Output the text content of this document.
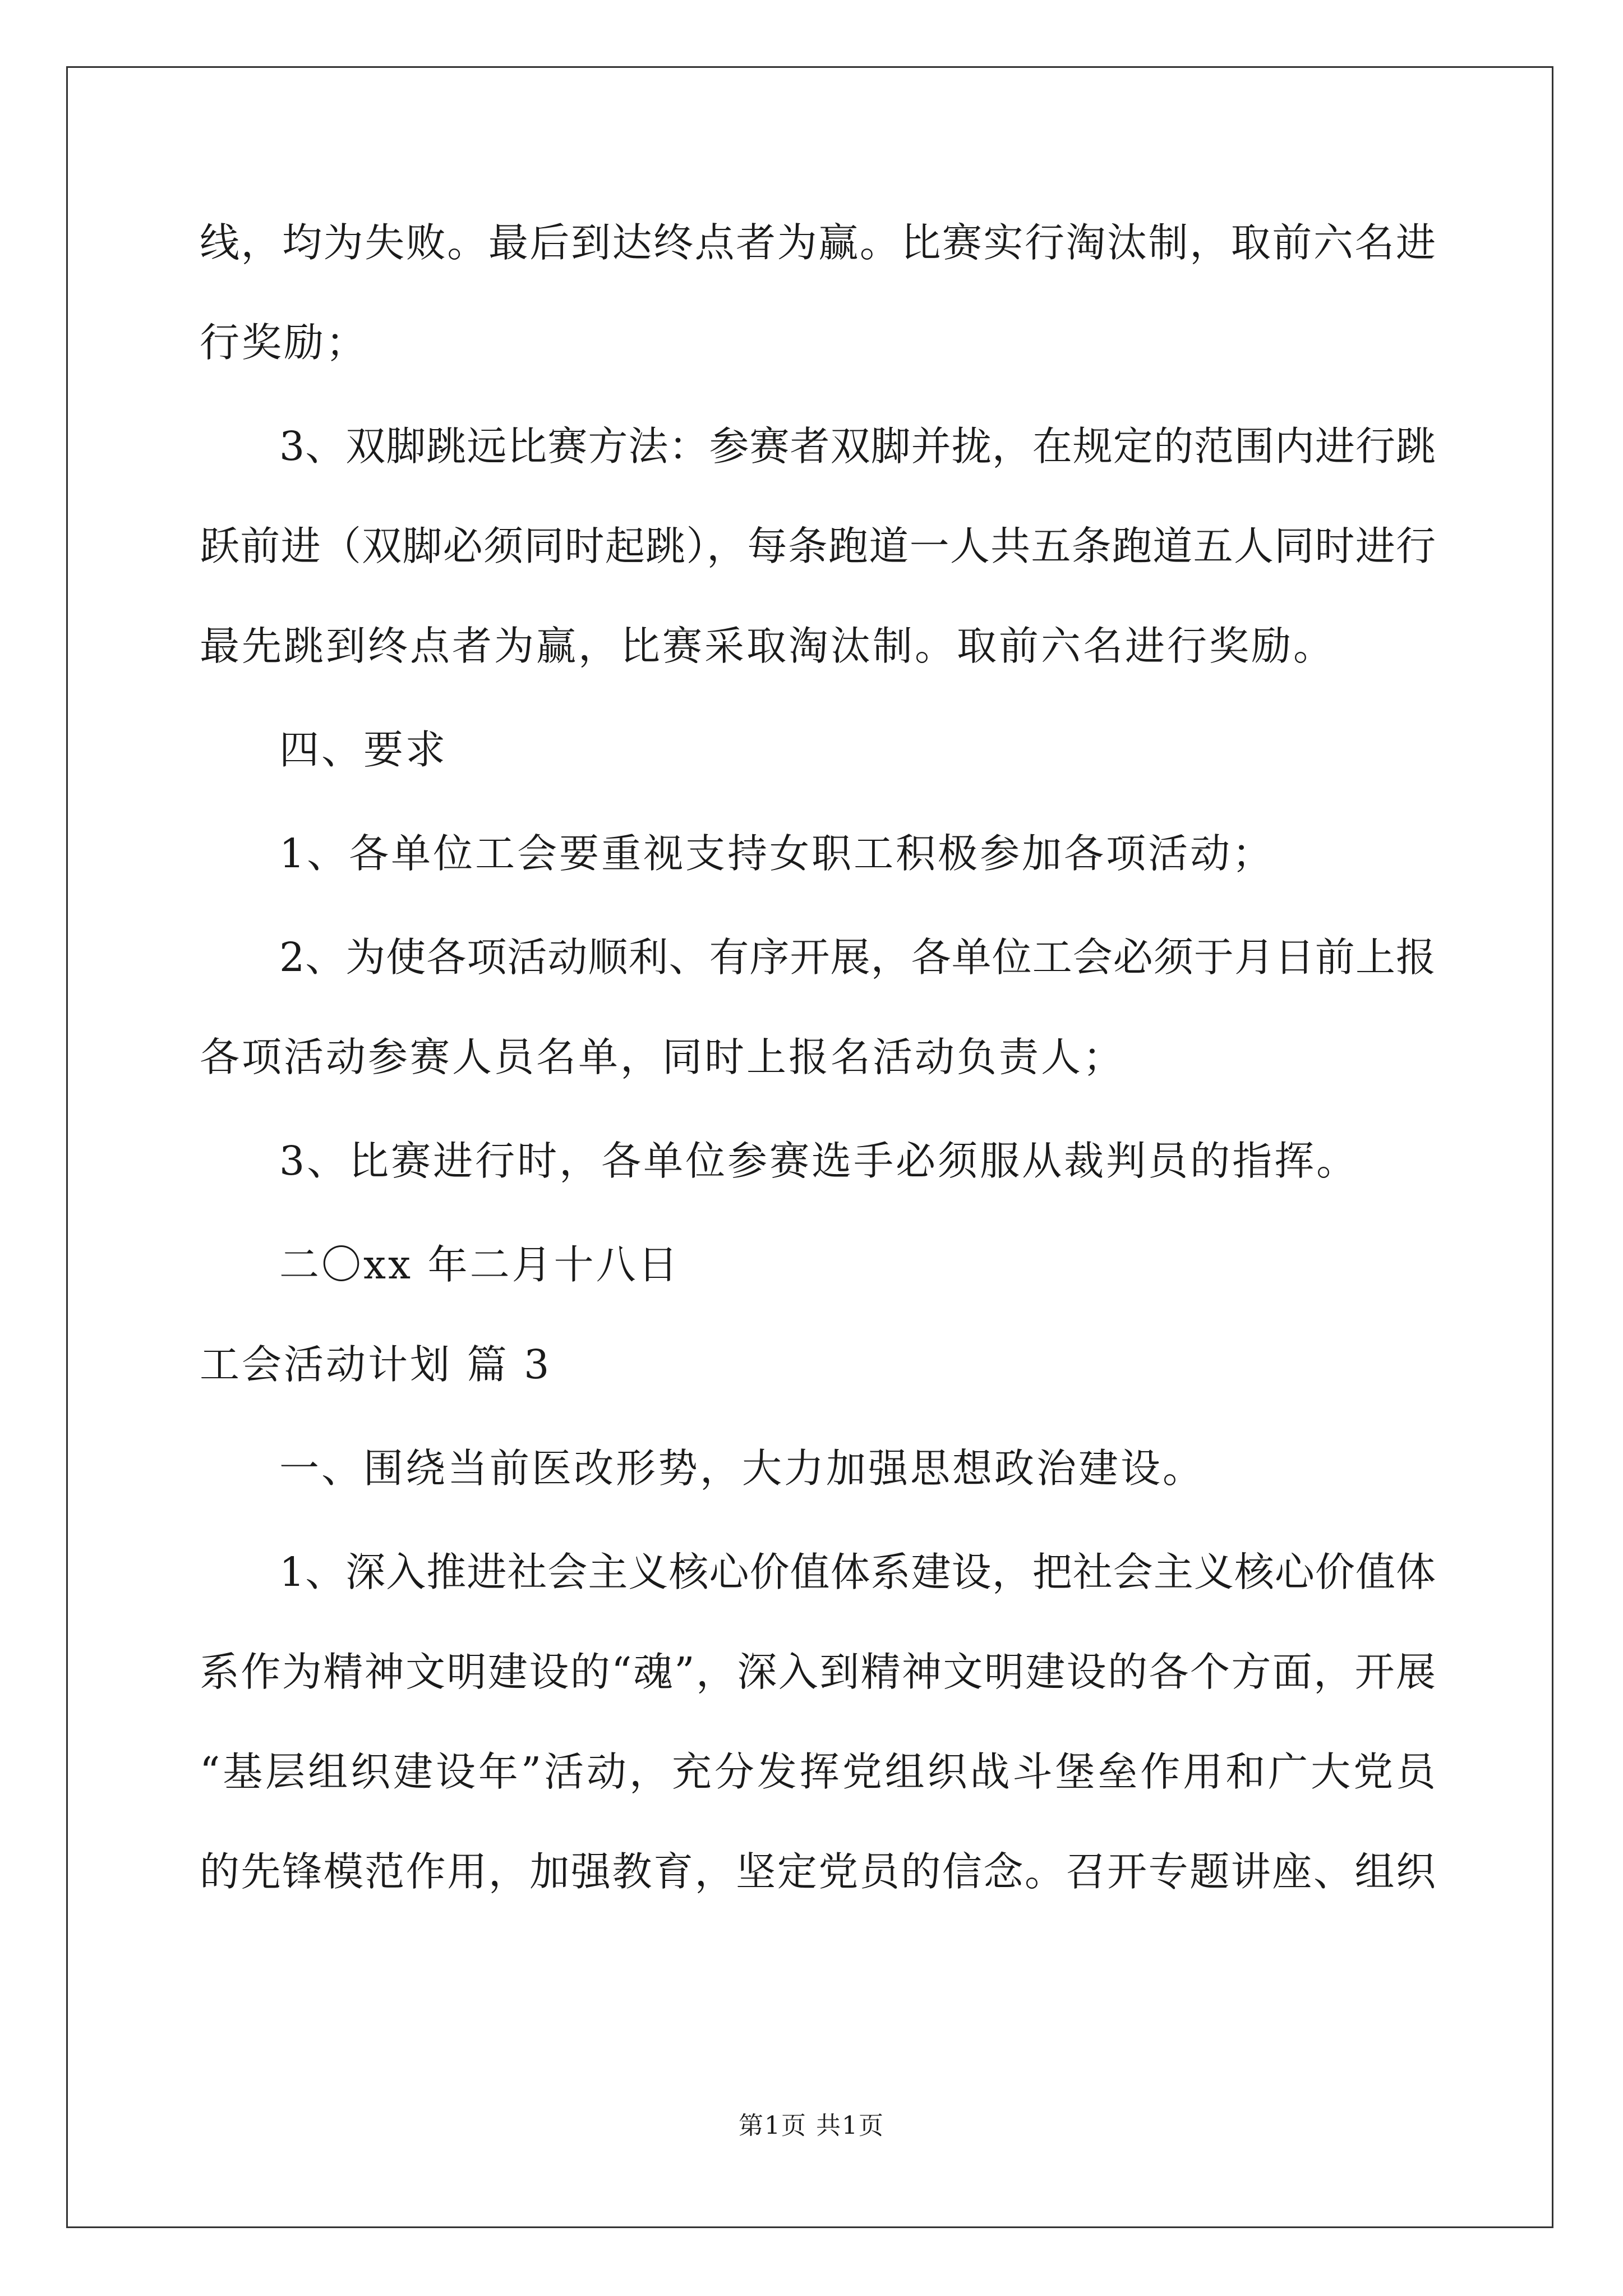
线，均为失败。最后到达终点者为赢。比赛实行淘汰制，取前六名进
行奖励；
3、双脚跳远比赛方法：参赛者双脚并拢，在规定的范围内进行跳
跃前进（双脚必须同时起跳），每条跑道一人共五条跑道五人同时进行
最先跳到终点者为赢，比赛采取淘汰制。取前六名进行奖励。
四、要求
1、各单位工会要重视支持女职工积极参加各项活动；
2、为使各项活动顺利、有序开展，各单位工会必须于月日前上报
各项活动参赛人员名单，同时上报名活动负责人；
3、比赛进行时，各单位参赛选手必须服从裁判员的指挥。
二〇xx 年二月十八日
工会活动计划 篇 3
一、围绕当前医改形势，大力加强思想政治建设。
1、深入推进社会主义核心价值体系建设，把社会主义核心价值体
系作为精神文明建设的“魂”，深入到精神文明建设的各个方面，开展
“基层组织建设年”活动，充分发挥党组织战斗堡垒作用和广大党员
的先锋模范作用，加强教育，坚定党员的信念。召开专题讲座、组织
第1页 共1页
